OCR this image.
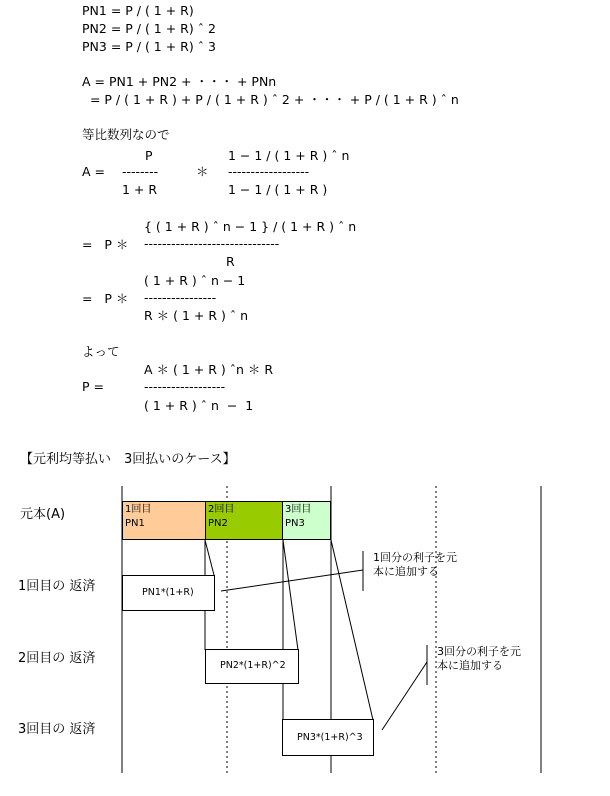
PN1 = P / ( 1 + R)
PN2 = P / ( 1 + R) ˆ 2
PN3 = P / ( 1 + R) ˆ 3
A = PN1 + PN2 + ・・・ + PNn
= P / ( 1 + R ) + P / ( 1 + R ) ˆ 2 + ・・・ + P / ( 1 + R ) ˆ n
等比数列なので
A =
P
--------
1 + R
＊
1 − 1 / ( 1 + R ) ˆ n
------------------
1 − 1 / ( 1 + R )
=   P ＊
{ ( 1 + R ) ˆ n − 1 } / ( 1 + R ) ˆ n
------------------------------
R
=   P ＊
( 1 + R ) ˆ n − 1
----------------
R ＊ ( 1 + R ) ˆ n
よって
P =
A ＊ ( 1 + R ) ˆn ＊ R
------------------
( 1 + R ) ˆ n  −  1
【元利均等払い　3回払いのケース】
元本(A)
1回目の 返済
2回目の 返済
3回目の 返済
1回目
PN1
2回目
PN2
3回目
PN3
PN1*(1+R)
PN2*(1+R)^2
PN3*(1+R)^3
1回分の利子を元
本に追加する
3回分の利子を元
本に追加する
